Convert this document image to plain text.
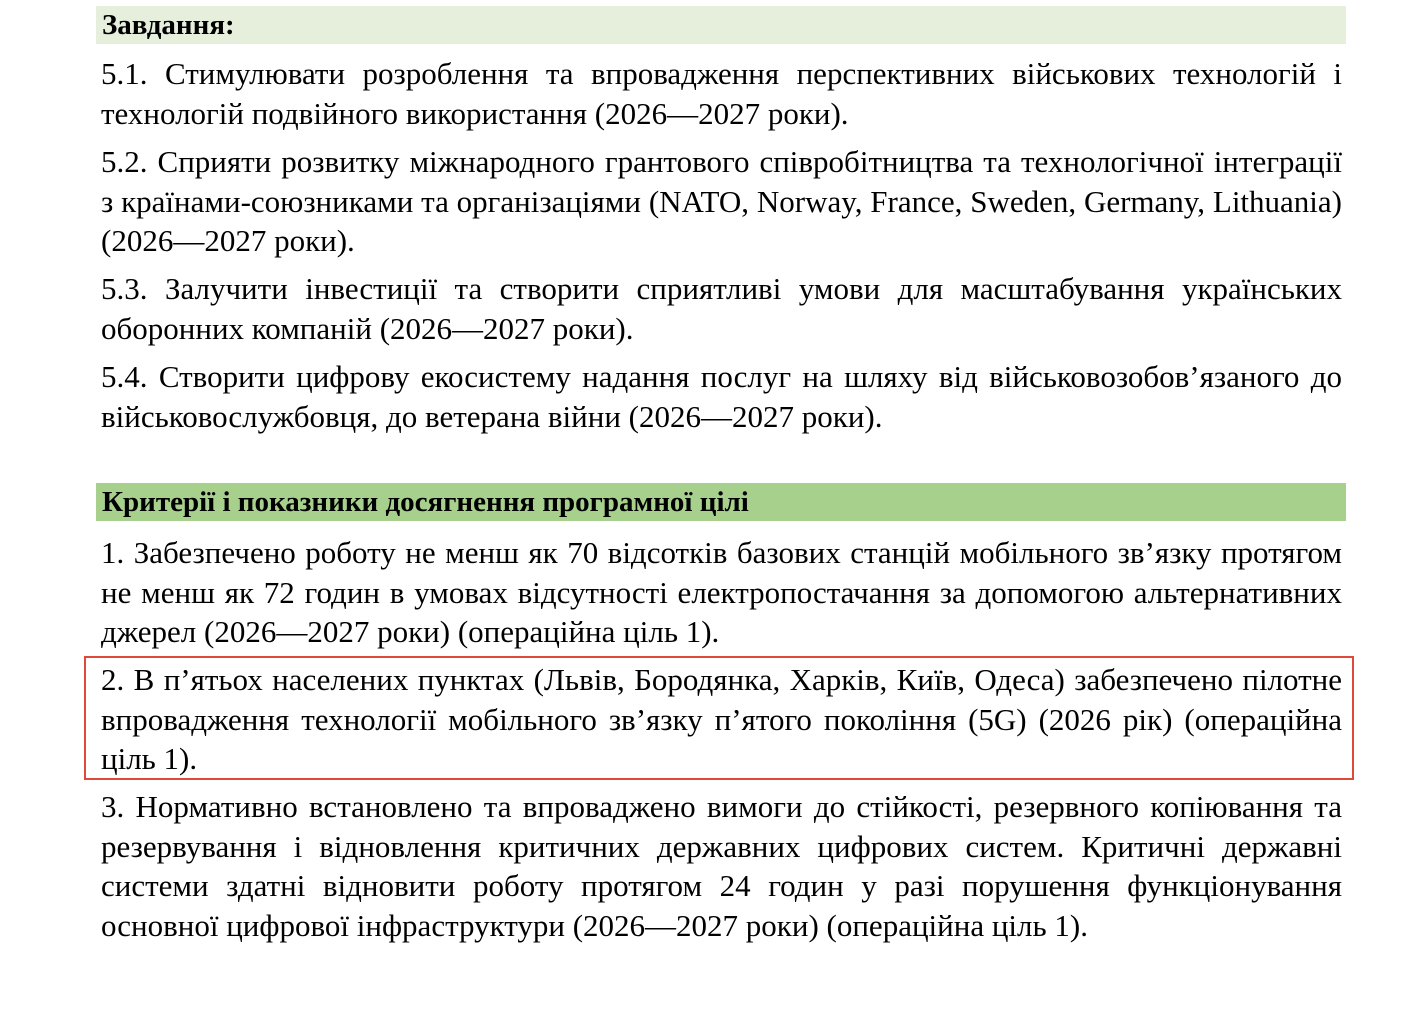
Завдання:

5.1. Стимулювати розроблення та впровадження перспективних військових технологій і технологій подвійного використання (2026—2027 роки).

5.2. Сприяти розвитку міжнародного грантового співробітництва та технологічної інтеграції з країнами-союзниками та організаціями (NATO, Norway, France, Sweden, Germany, Lithuania) (2026—2027 роки).

5.3. Залучити інвестиції та створити сприятливі умови для масштабування українських оборонних компаній (2026—2027 роки).

5.4. Створити цифрову екосистему надання послуг на шляху від військовозобов’язаного до військовослужбовця, до ветерана війни (2026—2027 роки).

Критерії і показники досягнення програмної цілі

1. Забезпечено роботу не менш як 70 відсотків базових станцій мобільного зв’язку протягом не менш як 72 годин в умовах відсутності електропостачання за допомогою альтернативних джерел (2026—2027 роки) (операційна ціль 1).

2. В п’ятьох населених пунктах (Львів, Бородянка, Харків, Київ, Одеса) забезпечено пілотне впровадження технології мобільного зв’язку п’ятого покоління (5G) (2026 рік) (операційна ціль 1).

3. Нормативно встановлено та впроваджено вимоги до стійкості, резервного копіювання та резервування і відновлення критичних державних цифрових систем. Критичні державні системи здатні відновити роботу протягом 24 годин у разі порушення функціонування основної цифрової інфраструктури (2026—2027 роки) (операційна ціль 1).
